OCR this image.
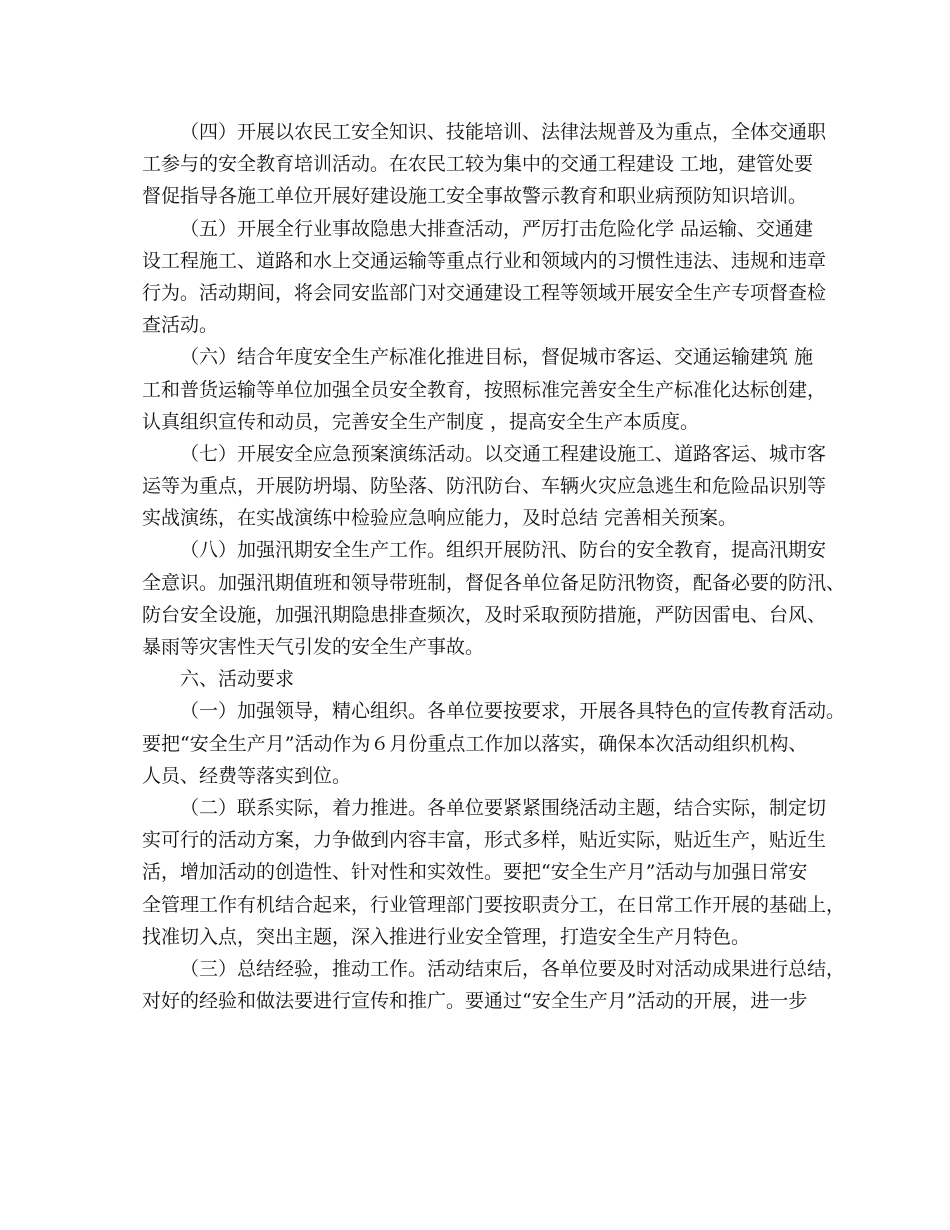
（四）开展以农民工安全知识、技能培训、法律法规普及为重点，全体交通职
工参与的安全教育培训活动。在农民工较为集中的交通工程建设 工地，建管处要
督促指导各施工单位开展好建设施工安全事故警示教育和职业病预防知识培训。
（五）开展全行业事故隐患大排查活动，严厉打击危险化学 品运输、交通建
设工程施工、道路和水上交通运输等重点行业和领域内的习惯性违法、违规和违章
行为。活动期间，将会同安监部门对交通建设工程等领域开展安全生产专项督查检
查活动。
（六）结合年度安全生产标准化推进目标，督促城市客运、交通运输建筑 施
工和普货运输等单位加强全员安全教育，按照标准完善安全生产标准化达标创建，
认真组织宣传和动员，完善安全生产制度 ，提高安全生产本质度。
（七）开展安全应急预案演练活动。以交通工程建设施工、道路客运、城市客
运等为重点，开展防坍塌、防坠落、防汛防台、车辆火灾应急逃生和危险品识别等
实战演练，在实战演练中检验应急响应能力，及时总结 完善相关预案。
（八）加强汛期安全生产工作。组织开展防汛、防台的安全教育，提高汛期安
全意识。加强汛期值班和领导带班制，督促各单位备足防汛物资，配备必要的防汛、
防台安全设施，加强汛期隐患排查频次，及时采取预防措施，严防因雷电、台风、
暴雨等灾害性天气引发的安全生产事故。
六、活动要求
（一）加强领导，精心组织。各单位要按要求，开展各具特色的宣传教育活动。
要把“安全生产月”活动作为６月份重点工作加以落实，确保本次活动组织机构、
人员、经费等落实到位。
（二）联系实际，着力推进。各单位要紧紧围绕活动主题，结合实际，制定切
实可行的活动方案，力争做到内容丰富，形式多样，贴近实际，贴近生产，贴近生
活，增加活动的创造性、针对性和实效性。要把“安全生产月”活动与加强日常安
全管理工作有机结合起来，行业管理部门要按职责分工，在日常工作开展的基础上，
找准切入点，突出主题，深入推进行业安全管理，打造安全生产月特色。
（三）总结经验，推动工作。活动结束后，各单位要及时对活动成果进行总结，
对好的经验和做法要进行宣传和推广。要通过“安全生产月”活动的开展，进一步
